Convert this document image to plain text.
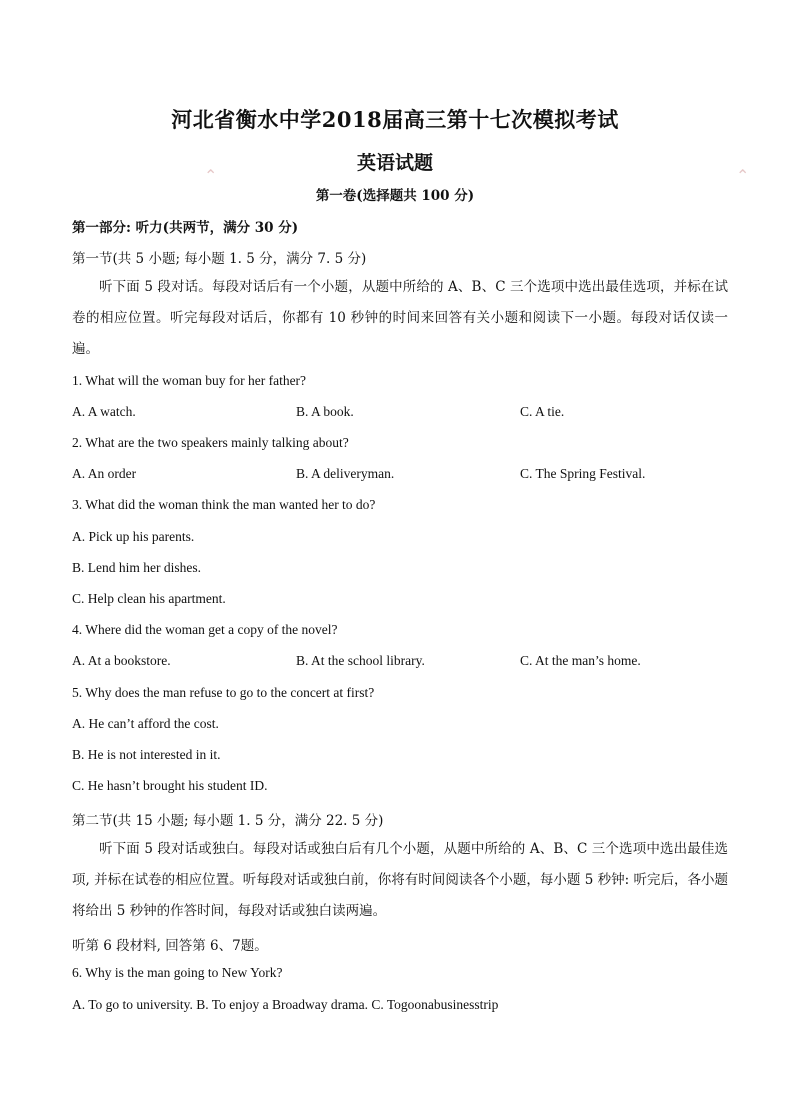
河北省衡水中学2018届高三第十七次模拟考试
⌃
英语试题
⌃
第一卷(选择题共 100 分)
第一部分: 听力(共两节，满分 30 分)
第一节(共 5 小题; 每小题 1. 5 分，满分 7. 5 分)
听下面 5 段对话。每段对话后有一个小题，从题中所给的 A、B、C 三个选项中选出最佳选项，并标在试卷的相应位置。听完每段对话后，你都有 10 秒钟的时间来回答有关小题和阅读下一小题。每段对话仅读一遍。
1. What will the woman buy for her father?
A. A watch.	B. A book.	C. A tie.
2. What are the two speakers mainly talking about?
A. An order	B. A deliveryman.	C. The Spring Festival.
3. What did the woman think the man wanted her to do?
A. Pick up his parents.
B. Lend him her dishes.
C. Help clean his apartment.
4. Where did the woman get a copy of the novel?
A. At a bookstore.	B. At the school library.	C. At the man’s home.
5. Why does the man refuse to go to the concert at first?
A. He can’t afford the cost.
B. He is not interested in it.
C. He hasn’t brought his student ID.
第二节(共 15 小题; 每小题 1. 5 分，满分 22. 5 分)
听下面 5 段对话或独白。每段对话或独白后有几个小题，从题中所给的 A、B、C 三个选项中选出最佳选项, 并标在试卷的相应位置。听每段对话或独白前，你将有时间阅读各个小题，每小题 5 秒钟: 听完后，各小题将给出 5 秒钟的作答时间，每段对话或独白读两遍。
听第 6 段材料, 回答第 6、7题。
6. Why is the man going to New York?
A. To go to university. B. To enjoy a Broadway drama. C. Togoonabusinesstrip
